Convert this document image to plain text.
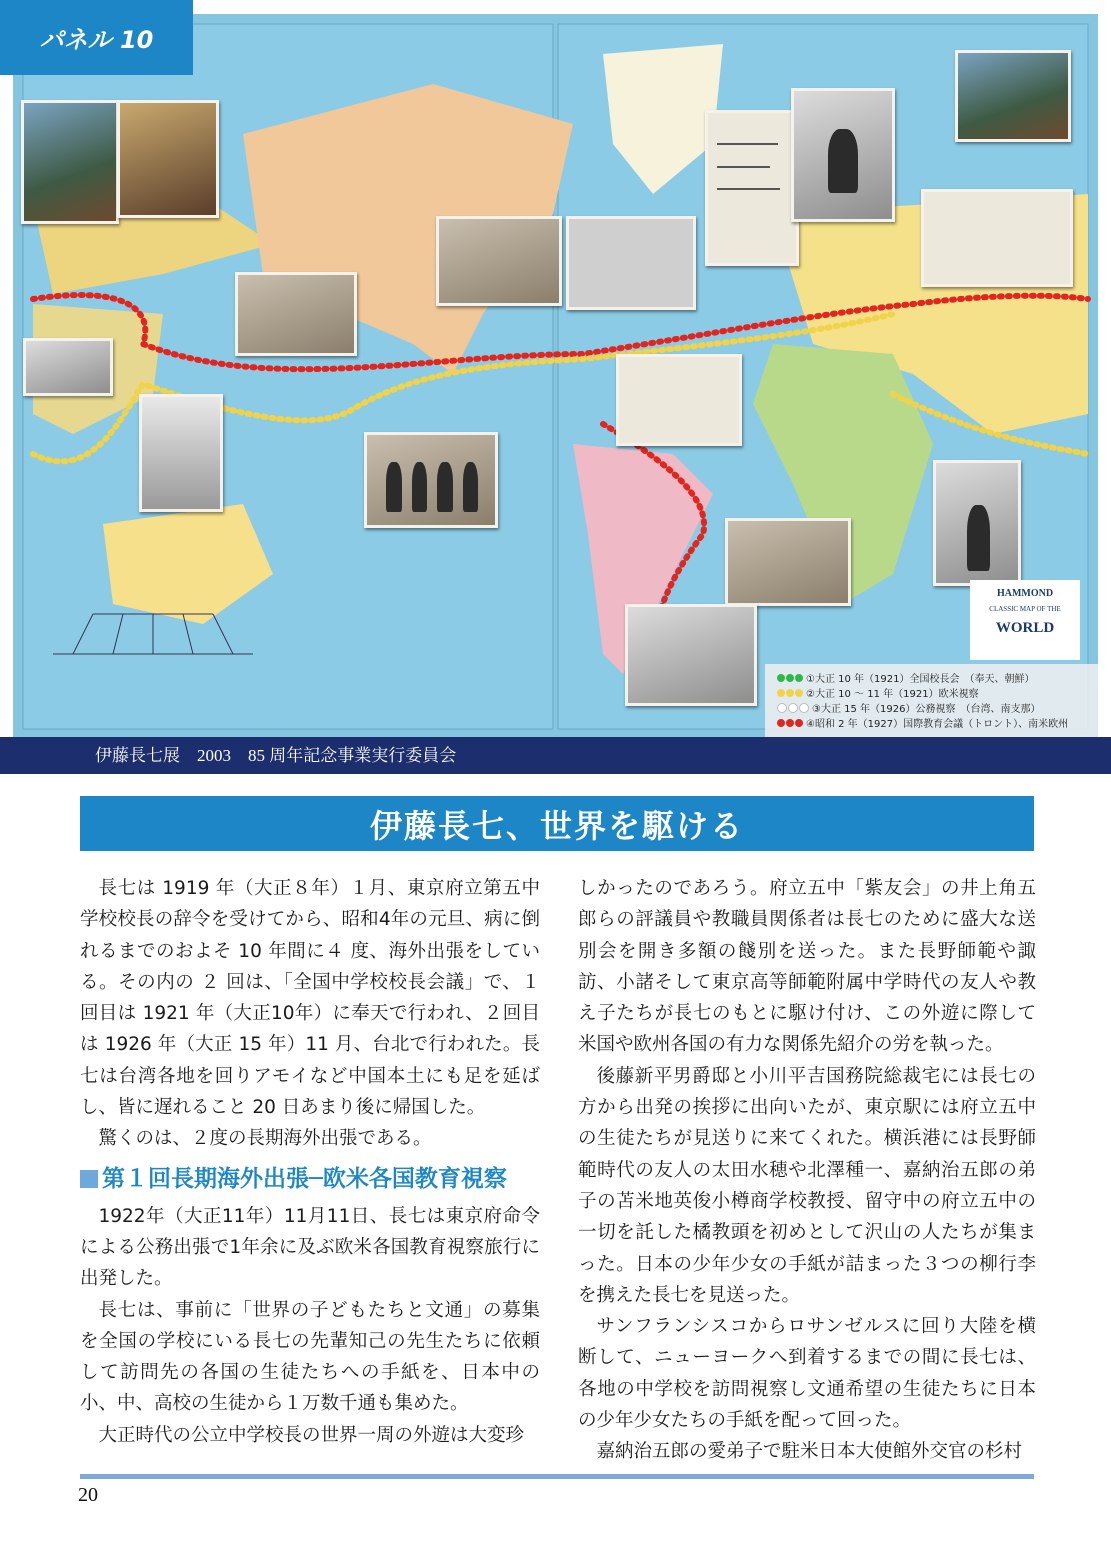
HAMMOND
CLASSIC MAP OF THE
WORLD
①大正 10 年（1921）全国校長会　（奉天、朝鮮）
②大正 10 〜 11 年（1921）欧米視察
③大正 15 年（1926）公務視察　（台湾、南支那）
④昭和 2 年（1927）国際教育会議（トロント）、南米欧州
パネル 10
伊藤長七展　2003　85 周年記念事業実行委員会
伊藤長七、世界を駆ける

長七は 1919 年（大正８年）１月、東京府立第五中学校校長の辞令を受けてから、昭和4年の元旦、病に倒れるまでのおよそ 10 年間に４ 度、海外出張をしている。その内の ２ 回は、「全国中学校校長会議」で、１回目は 1921 年（大正10年）に奉天で行われ、２回目は 1926 年（大正 15 年）11 月、台北で行われた。長七は台湾各地を回りアモイなど中国本土にも足を延ばし、皆に遅れること 20 日あまり後に帰国した。

驚くのは、２度の長期海外出張である。

第１回長期海外出張─欧米各国教育視察

1922年（大正11年）11月11日、長七は東京府命令による公務出張で1年余に及ぶ欧米各国教育視察旅行に出発した。

長七は、事前に「世界の子どもたちと文通」の募集を全国の学校にいる長七の先輩知己の先生たちに依頼して訪問先の各国の生徒たちへの手紙を、日本中の小、中、高校の生徒から１万数千通も集めた。

大正時代の公立中学校長の世界一周の外遊は大変珍

しかったのであろう。府立五中「紫友会」の井上角五郎らの評議員や教職員関係者は長七のために盛大な送別会を開き多額の餞別を送った。また長野師範や諏訪、小諸そして東京高等師範附属中学時代の友人や教え子たちが長七のもとに駆け付け、この外遊に際して米国や欧州各国の有力な関係先紹介の労を執った。

後藤新平男爵邸と小川平吉国務院総裁宅には長七の方から出発の挨拶に出向いたが、東京駅には府立五中の生徒たちが見送りに来てくれた。横浜港には長野師範時代の友人の太田水穂や北澤種一、嘉納治五郎の弟子の苫米地英俊小樽商学校教授、留守中の府立五中の一切を託した橘教頭を初めとして沢山の人たちが集まった。日本の少年少女の手紙が詰まった３つの柳行李を携えた長七を見送った。

サンフランシスコからロサンゼルスに回り大陸を横断して、ニューヨークへ到着するまでの間に長七は、各地の中学校を訪問視察し文通希望の生徒たちに日本の少年少女たちの手紙を配って回った。

嘉納治五郎の愛弟子で駐米日本大使館外交官の杉村

20
